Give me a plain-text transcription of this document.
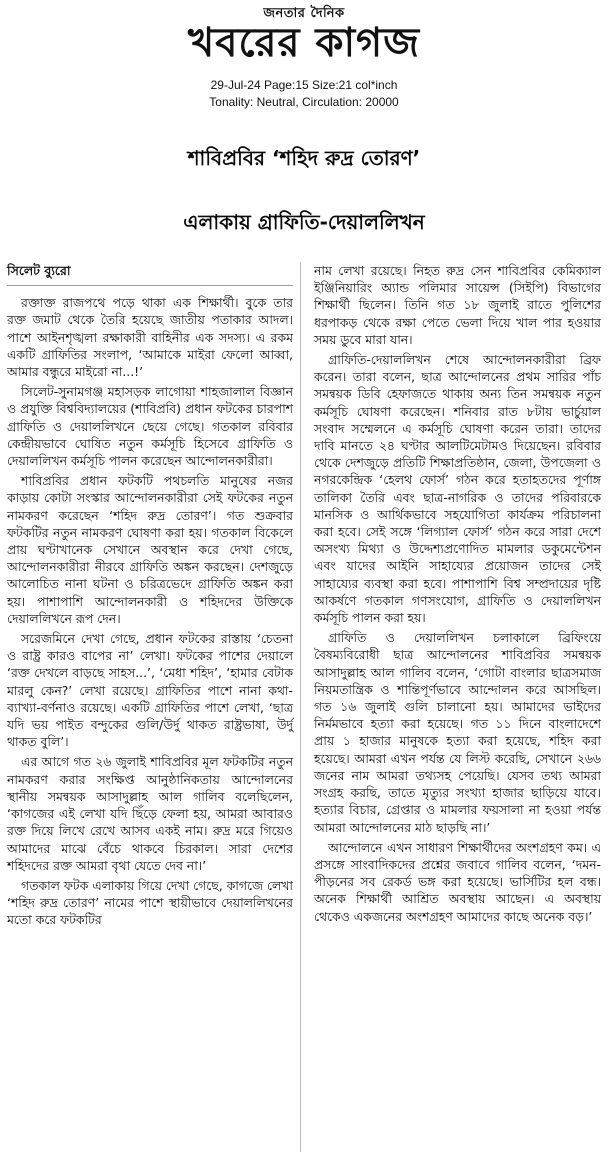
জনতার দৈনিক
খবরের কাগজ
29-Jul-24 Page:15 Size:21 col*inch
Tonality: Neutral, Circulation: 20000
শাবিপ্রবির ‘শহিদ রুদ্র তোরণ’
এলাকায় গ্রাফিতি-দেয়াললিখন
সিলেট ব্যুরো

রক্তাক্ত রাজপথে পড়ে থাকা এক শিক্ষার্থী। বুকে তার রক্ত জমাট থেকে তৈরি হয়েছে জাতীয় পতাকার আদল। পাশে আইনশৃঙ্খলা রক্ষাকারী বাহিনীর এক সদস্য। এ রকম একটি গ্রাফিতির সংলাপ, ‘আমাকে মাইরা ফেলো আব্বা, আমার বন্ধুরে মাইরো না...!’

সিলেট-সুনামগঞ্জ মহাসড়ক লাগোয়া শাহজালাল বিজ্ঞান ও প্রযুক্তি বিশ্ববিদ্যালয়ের (শাবিপ্রবি) প্রধান ফটকের চারপাশ গ্রাফিতি ও দেয়াললিখনে ছেয়ে গেছে। গতকাল রবিবার কেন্দ্রীয়ভাবে ঘোষিত নতুন কর্মসূচি হিসেবে গ্রাফিতি ও দেয়াললিখন কর্মসূচি পালন করেছেন আন্দোলনকারীরা।

শাবিপ্রবির প্রধান ফটকটি পথচলতি মানুষের নজর কাড়ায় কোটা সংস্কার আন্দোলনকারীরা সেই ফটকের নতুন নামকরণ করেছেন ‘শহিদ রুদ্র তোরণ’। গত শুক্রবার ফটকটির নতুন নামকরণ ঘোষণা করা হয়। গতকাল বিকেলে প্রায় ঘণ্টাখানেক সেখানে অবস্থান করে দেখা গেছে, আন্দোলনকারীরা নীরবে গ্রাফিতি অঙ্কন করছেন। দেশজুড়ে আলোচিত নানা ঘটনা ও চরিত্রভেদে গ্রাফিতি অঙ্কন করা হয়। পাশাপাশি আন্দোলনকারী ও শহিদদের উক্তিকে দেয়াললিখনে রূপ দেন।

সরেজমিনে দেখা গেছে, প্রধান ফটকের রাস্তায় ‘চেতনা ও রাষ্ট্র কারও বাপের না’ লেখা। ফটকের পাশের দেয়ালে ‘রক্ত দেখলে বাড়ছে সাহস...’, ‘মেধা শহিদ’, ‘হামার বেটাক মারলু কেন?’ লেখা রয়েছে। গ্রাফিতির পাশে নানা কথা-ব্যাখ্যা-বর্ণনাও রয়েছে। একটি গ্রাফিতির পাশে লেখা, ‘ছাত্র যদি ভয় পাইত বন্দুকের গুলি/উর্দু থাকত রাষ্ট্রভাষা, উর্দু থাকত বুলি’।

এর আগে গত ২৬ জুলাই শাবিপ্রবির মূল ফটকটির নতুন নামকরণ করার সংক্ষিপ্ত আনুষ্ঠানিকতায় আন্দোলনের স্থানীয় সমন্বয়ক আসাদুল্লাহ আল গালিব বলেছিলেন, ‘কাগজের এই লেখা যদি ছিঁড়ে ফেলা হয়, আমরা আবারও রক্ত দিয়ে লিখে রেখে আসব একই নাম। রুদ্র মরে গিয়েও আমাদের মাঝে বেঁচে থাকবে চিরকাল। সারা দেশের শহিদদের রক্ত আমরা বৃথা যেতে দেব না।’

গতকাল ফটক এলাকায় গিয়ে দেখা গেছে, কাগজে লেখা ‘শহিদ রুদ্র তোরণ’ নামের পাশে স্থায়ীভাবে দেয়াললিখনের মতো করে ফটকটির

নাম লেখা রয়েছে। নিহত রুদ্র সেন শাবিপ্রবির কেমিক্যাল ইঞ্জিনিয়ারিং অ্যান্ড পলিমার সায়েন্স (সিইপি) বিভাগের শিক্ষার্থী ছিলেন। তিনি গত ১৮ জুলাই রাতে পুলিশের ধরপাকড় থেকে রক্ষা পেতে ভেলা দিয়ে খাল পার হওয়ার সময় ডুবে মারা যান।

গ্রাফিতি-দেয়াললিখন শেষে আন্দোলনকারীরা ব্রিফ করেন। তারা বলেন, ছাত্র আন্দোলনের প্রথম সারির পাঁচ সমন্বয়ক ডিবি হেফাজতে থাকায় অন্য তিন সমন্বয়ক নতুন কর্মসূচি ঘোষণা করেছেন। শনিবার রাত ৮টায় ভার্চুয়াল সংবাদ সম্মেলনে এ কর্মসূচি ঘোষণা করেন তারা। তাদের দাবি মানতে ২৪ ঘণ্টার আলটিমেটামও দিয়েছেন। রবিবার থেকে দেশজুড়ে প্রতিটি শিক্ষাপ্রতিষ্ঠান, জেলা, উপজেলা ও নগরকেন্দ্রিক ‘হেলথ ফোর্স’ গঠন করে হতাহতদের পূর্ণাঙ্গ তালিকা তৈরি এবং ছাত্র-নাগরিক ও তাদের পরিবারকে মানসিক ও আর্থিকভাবে সহযোগিতা কার্যক্রম পরিচালনা করা হবে। সেই সঙ্গে ‘লিগ্যাল ফোর্স’ গঠন করে সারা দেশে অসংখ্য মিথ্যা ও উদ্দেশ্যপ্রণোদিত মামলার ডকুমেন্টেশন এবং যাদের আইনি সাহায্যের প্রয়োজন তাদের সেই সাহায্যের ব্যবস্থা করা হবে। পাশাপাশি বিশ্ব সম্প্রদায়ের দৃষ্টি আকর্ষণে গতকাল গণসংযোগ, গ্রাফিতি ও দেয়াললিখন কর্মসূচি পালন করা হয়।

গ্রাফিতি ও দেয়াললিখন চলাকালে ব্রিফিংয়ে বৈষম্যবিরোধী ছাত্র আন্দোলনের শাবিপ্রবির সমন্বয়ক আসাদুল্লাহ আল গালিব বলেন, ‘গোটা বাংলার ছাত্রসমাজ নিয়মতান্ত্রিক ও শান্তিপূর্ণভাবে আন্দোলন করে আসছিল। গত ১৬ জুলাই গুলি চালানো হয়। আমাদের ভাইদের নির্মমভাবে হত্যা করা হয়েছে। গত ১১ দিনে বাংলাদেশে প্রায় ১ হাজার মানুষকে হত্যা করা হয়েছে, শহিদ করা হয়েছে। আমরা এখন পর্যন্ত যে লিস্ট করেছি, সেখানে ২৬৬ জনের নাম আমরা তথ্যসহ পেয়েছি। যেসব তথ্য আমরা সংগ্রহ করছি, তাতে মৃত্যুর সংখ্যা হাজার ছাড়িয়ে যাবে। হত্যার বিচার, গ্রেপ্তার ও মামলার ফয়সালা না হওয়া পর্যন্ত আমরা আন্দোলনের মাঠ ছাড়ছি না।’

আন্দোলনে এখন সাধারণ শিক্ষার্থীদের অংশগ্রহণ কম। এ প্রসঙ্গে সাংবাদিকদের প্রশ্নের জবাবে গালিব বলেন, ‘দমন-পীড়নের সব রেকর্ড ভঙ্গ করা হয়েছে। ভার্সিটির হল বন্ধ। অনেক শিক্ষার্থী আশ্রিত অবস্থায় আছেন। এ অবস্থায় থেকেও একজনের অংশগ্রহণ আমাদের কাছে অনেক বড়।’
